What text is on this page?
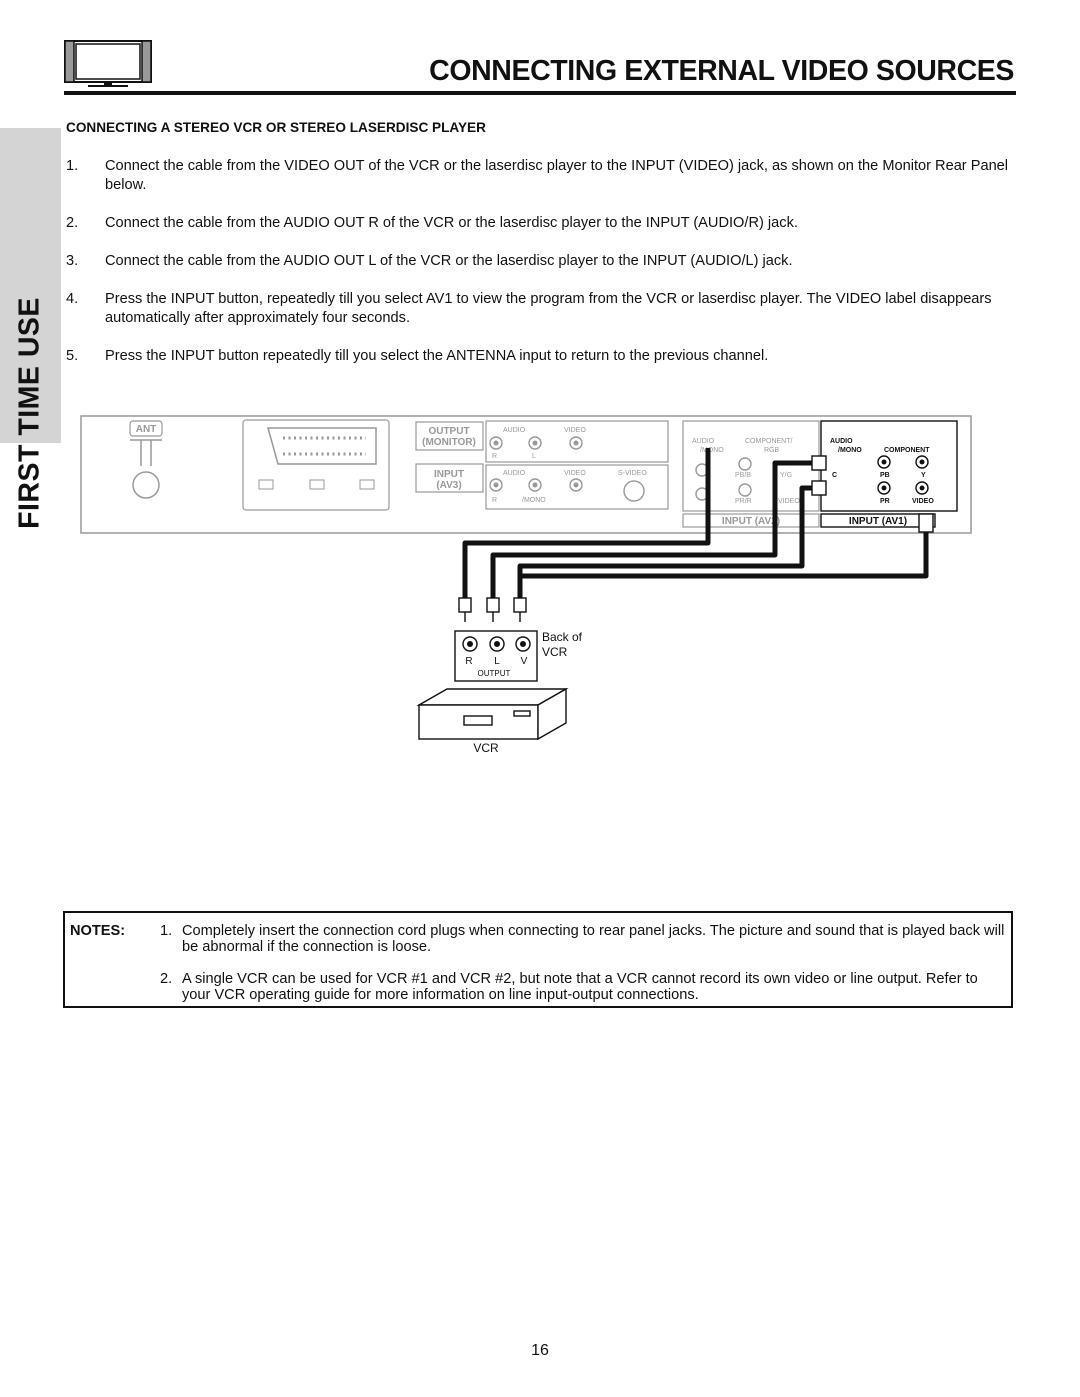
CONNECTING EXTERNAL VIDEO SOURCES
FIRST TIME USE
CONNECTING A STEREO VCR OR STEREO LASERDISC PLAYER
1.	Connect the cable from the VIDEO OUT of the VCR or the laserdisc player to the INPUT (VIDEO) jack, as shown on the Monitor Rear Panel below.
2.	Connect the cable from the AUDIO OUT R of the VCR or the laserdisc player to the INPUT (AUDIO/R) jack.
3.	Connect the cable from the AUDIO OUT L of the VCR or the laserdisc player to the INPUT (AUDIO/L) jack.
4.	Press the INPUT button, repeatedly till you select AV1 to view the program from the VCR or laserdisc player. The VIDEO label disappears automatically after approximately four seconds.
5.	Press the INPUT button repeatedly till you select the ANTENNA input to return to the previous channel.
ANT	OUTPUT
(MONITOR)
AUDIO	VIDEO
R	L
INPUT
(AV3)
AUDIO	VIDEO	S-VIDEO
R	/MONO
AUDIO
/MONO
COMPONENT/
RGB
PB/B	Y/G
PR/R	VIDEO
INPUT (AV2)
AUDIO
/MONO	COMPONENT
C	PB	Y
PR	VIDEO
INPUT (AV1)
R L V
OUTPUT
Back of
VCR
VCR
NOTES: 1. Completely insert the connection cord plugs when connecting to rear panel jacks. The picture and sound that is played back will be abnormal if the connection is loose.
2. A single VCR can be used for VCR #1 and VCR #2, but note that a VCR cannot record its own video or line output. Refer to your VCR operating guide for more information on line input-output connections.
16
